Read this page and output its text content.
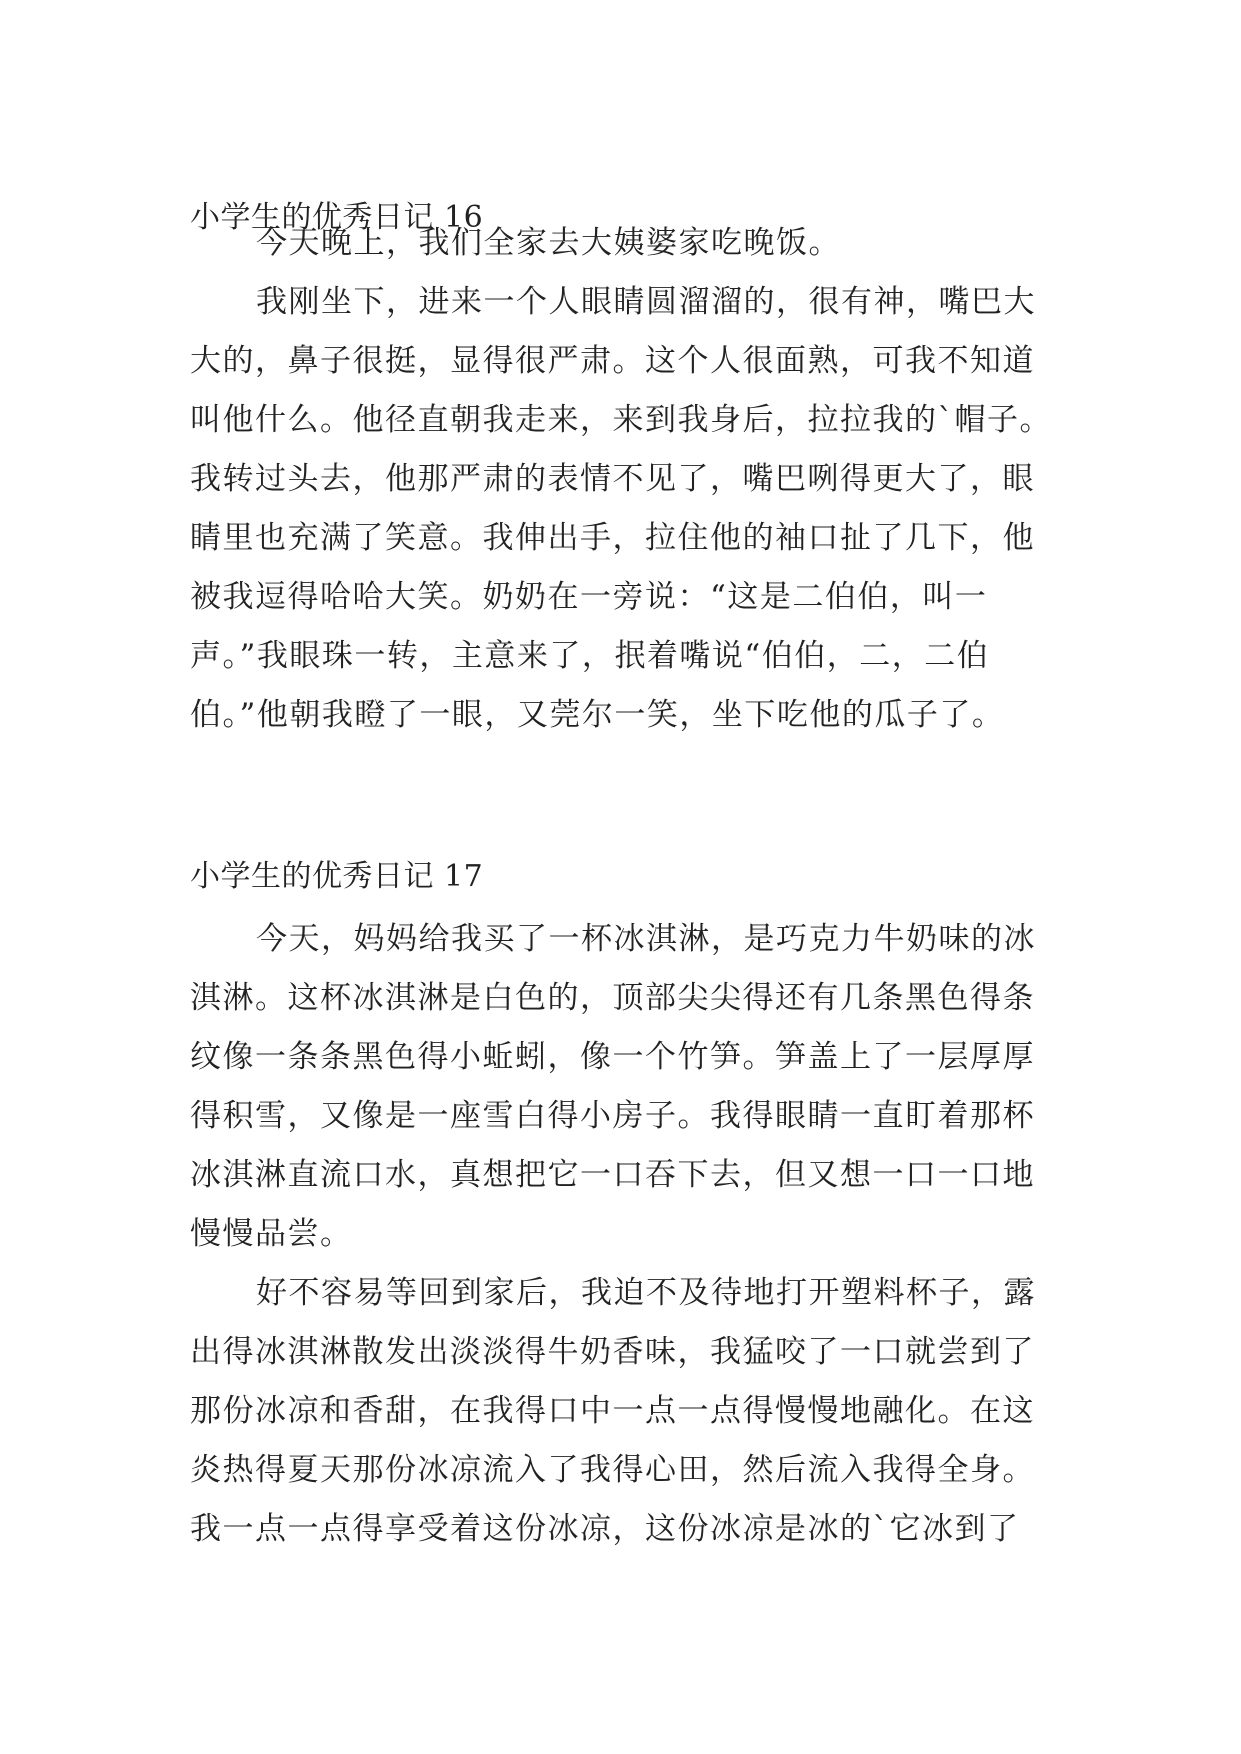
小学生的优秀日记 16
今天晚上，我们全家去大姨婆家吃晚饭。
我刚坐下，进来一个人眼睛圆溜溜的，很有神，嘴巴大
大的，鼻子很挺，显得很严肃。这个人很面熟，可我不知道
叫他什么。他径直朝我走来，来到我身后，拉拉我的`帽子。
我转过头去，他那严肃的表情不见了，嘴巴咧得更大了，眼
睛里也充满了笑意。我伸出手，拉住他的袖口扯了几下，他
被我逗得哈哈大笑。奶奶在一旁说：“这是二伯伯，叫一
声。”我眼珠一转，主意来了，抿着嘴说“伯伯，二，二伯
伯。”他朝我瞪了一眼，又莞尔一笑，坐下吃他的瓜子了。
小学生的优秀日记 17
今天，妈妈给我买了一杯冰淇淋，是巧克力牛奶味的冰
淇淋。这杯冰淇淋是白色的，顶部尖尖得还有几条黑色得条
纹像一条条黑色得小蚯蚓，像一个竹笋。笋盖上了一层厚厚
得积雪，又像是一座雪白得小房子。我得眼睛一直盯着那杯
冰淇淋直流口水，真想把它一口吞下去，但又想一口一口地
慢慢品尝。
好不容易等回到家后，我迫不及待地打开塑料杯子，露
出得冰淇淋散发出淡淡得牛奶香味，我猛咬了一口就尝到了
那份冰凉和香甜，在我得口中一点一点得慢慢地融化。在这
炎热得夏天那份冰凉流入了我得心田，然后流入我得全身。
我一点一点得享受着这份冰凉，这份冰凉是冰的`它冰到了
